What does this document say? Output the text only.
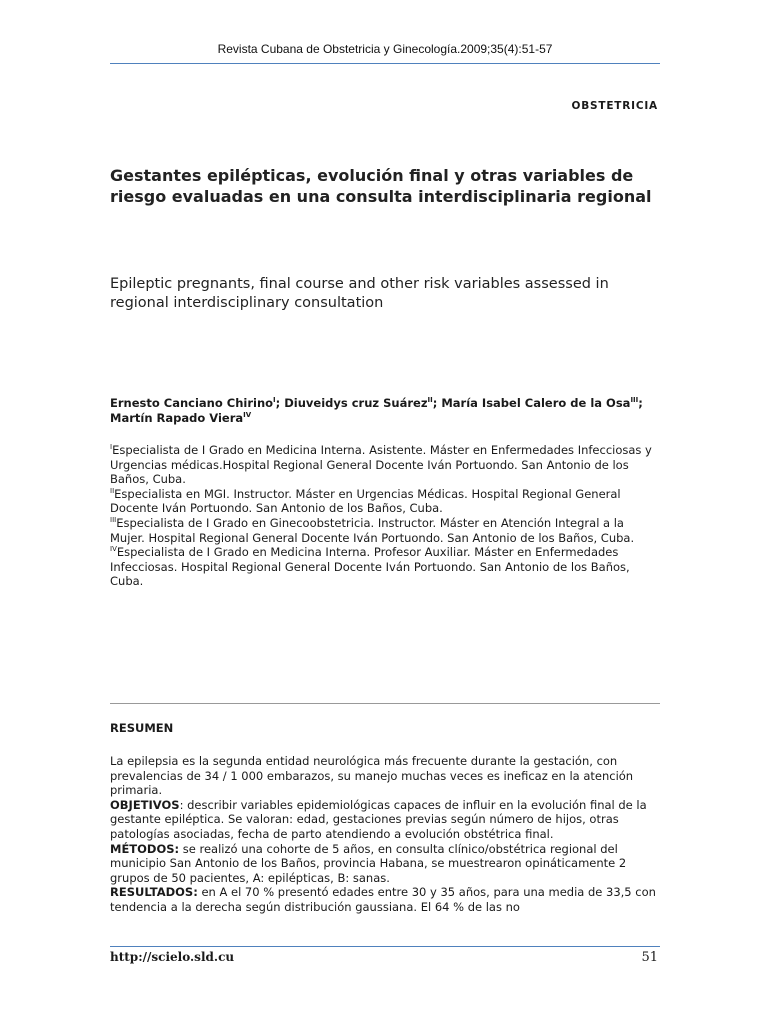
Revista Cubana de Obstetricia y Ginecología.2009;35(4):51-57
OBSTETRICIA
Gestantes epilépticas, evolución final y otras variables de riesgo evaluadas en una consulta interdisciplinaria regional
Epileptic pregnants, final course and other risk variables assessed in regional interdisciplinary consultation
Ernesto Canciano Chirino$^I$; Diuveidys cruz Suárez$^{II}$; María Isabel Calero de la Osa$^{III}$; Martín Rapado Viera$^{IV}$

$^I$Especialista de I Grado en Medicina Interna. Asistente. Máster en Enfermedades Infecciosas y Urgencias médicas.Hospital Regional General Docente Iván Portuondo. San Antonio de los Baños, Cuba.

$^{II}$Especialista en MGI. Instructor. Máster en Urgencias Médicas. Hospital Regional General Docente Iván Portuondo. San Antonio de los Baños, Cuba.

$^{III}$Especialista de I Grado en Ginecoobstetricia. Instructor. Máster en Atención Integral a la Mujer. Hospital Regional General Docente Iván Portuondo. San Antonio de los Baños, Cuba.

$^{IV}$Especialista de I Grado en Medicina Interna. Profesor Auxiliar. Máster en Enfermedades Infecciosas. Hospital Regional General Docente Iván Portuondo. San Antonio de los Baños, Cuba.

RESUMEN

La epilepsia es la segunda entidad neurológica más frecuente durante la gestación, con prevalencias de 34 / 1 000 embarazos, su manejo muchas veces es ineficaz en la atención primaria.

OBJETIVOS: describir variables epidemiológicas capaces de influir en la evolución final de la gestante epiléptica. Se valoran: edad, gestaciones previas según número de hijos, otras patologías asociadas, fecha de parto atendiendo a evolución obstétrica final.

MÉTODOS: se realizó una cohorte de 5 años, en consulta clínico/obstétrica regional del municipio San Antonio de los Baños, provincia Habana, se muestrearon opináticamente 2 grupos de 50 pacientes, A: epilépticas, B: sanas.

RESULTADOS: en A el 70 % presentó edades entre 30 y 35 años, para una media de 33,5 con tendencia a la derecha según distribución gaussiana. El 64 % de las no

http://scielo.sld.cu	51
